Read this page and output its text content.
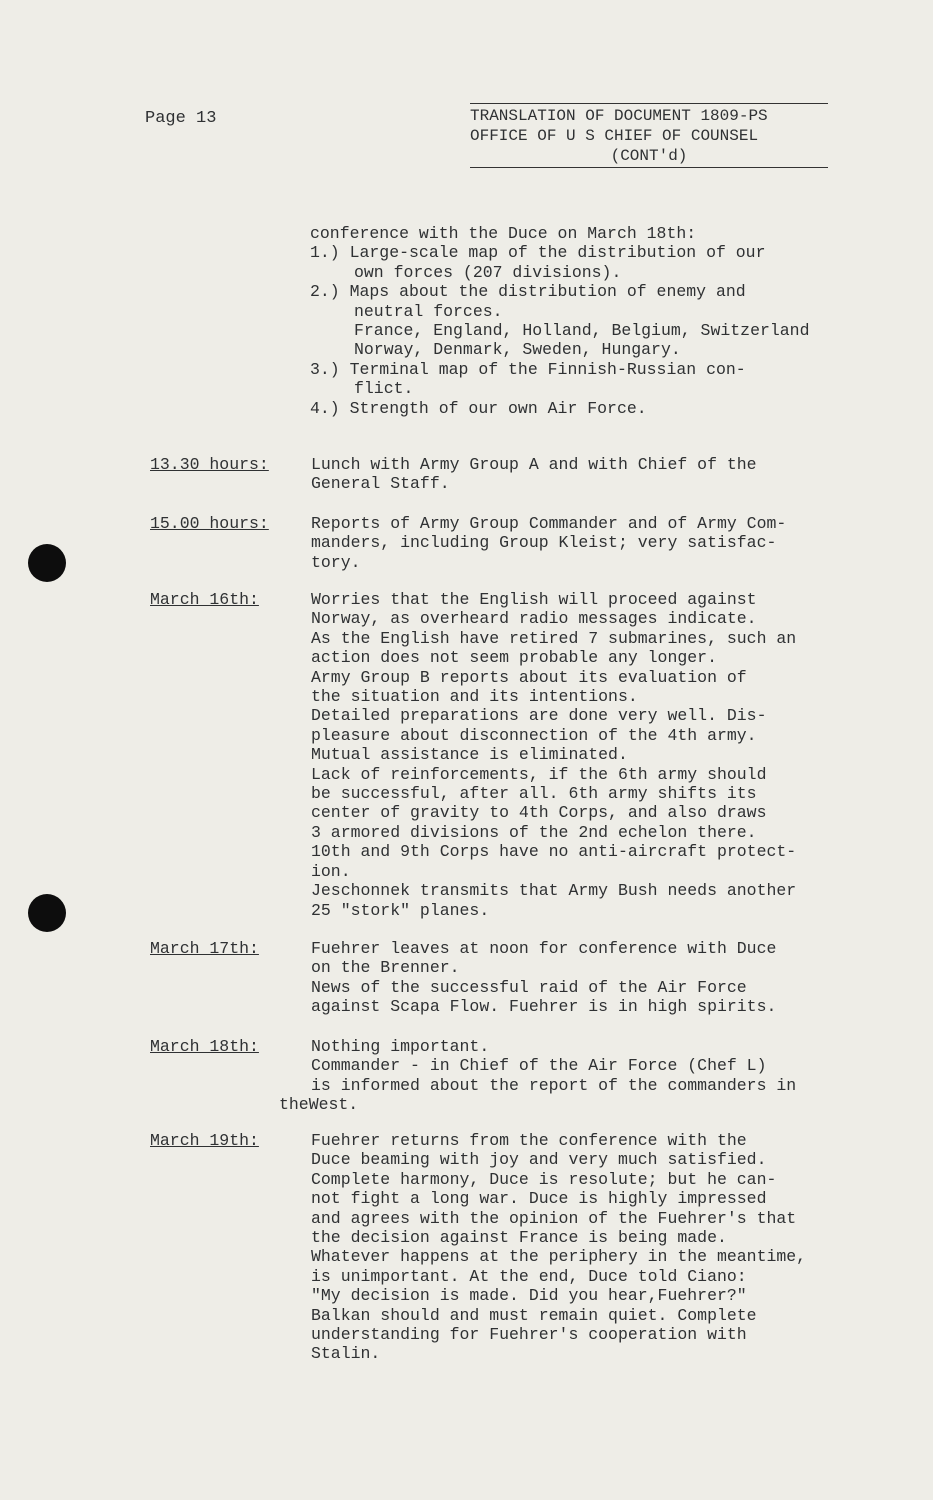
Page 13	TRANSLATION OF DOCUMENT 1809-PS
OFFICE OF U S CHIEF OF COUNSEL
(CONT'd)
conference with the Duce on March 18th:
1.) Large-scale map of the distribution of our
own forces (207 divisions).
2.) Maps about the distribution of enemy and
neutral forces.
France, England, Holland, Belgium, Switzerland
Norway, Denmark, Sweden, Hungary.
3.) Terminal map of the Finnish-Russian con-
flict.
4.) Strength of our own Air Force.
13.30 hours:	Lunch with Army Group A and with Chief of the
General Staff.
15.00 hours:	Reports of Army Group Commander and of Army Com-
manders, including Group Kleist; very satisfac-
tory.
March 16th:	Worries that the English will proceed against
Norway, as overheard radio messages indicate.
As the English have retired 7 submarines, such an
action does not seem probable any longer.
Army Group B reports about its evaluation of
the situation and its intentions.
Detailed preparations are done very well. Dis-
pleasure about disconnection of the 4th army.
Mutual assistance is eliminated.
Lack of reinforcements, if the 6th army should
be successful, after all. 6th army shifts its
center of gravity to 4th Corps, and also draws
3 armored divisions of the 2nd echelon there.
10th and 9th Corps have no anti-aircraft protect-
ion.
Jeschonnek transmits that Army Bush needs another
25 "stork" planes.
March 17th:	Fuehrer leaves at noon for conference with Duce
on the Brenner.
News of the successful raid of the Air Force
against Scapa Flow. Fuehrer is in high spirits.
March 18th:	Nothing important.
Commander - in Chief of the Air Force (Chef L)
is informed about the report of the commanders in
theWest.
March 19th:	Fuehrer returns from the conference with the
Duce beaming with joy and very much satisfied.
Complete harmony, Duce is resolute; but he can-
not fight a long war. Duce is highly impressed
and agrees with the opinion of the Fuehrer's that
the decision against France is being made.
Whatever happens at the periphery in the meantime,
is unimportant. At the end, Duce told Ciano:
"My decision is made. Did you hear,Fuehrer?"
Balkan should and must remain quiet. Complete
understanding for Fuehrer's cooperation with
Stalin.
